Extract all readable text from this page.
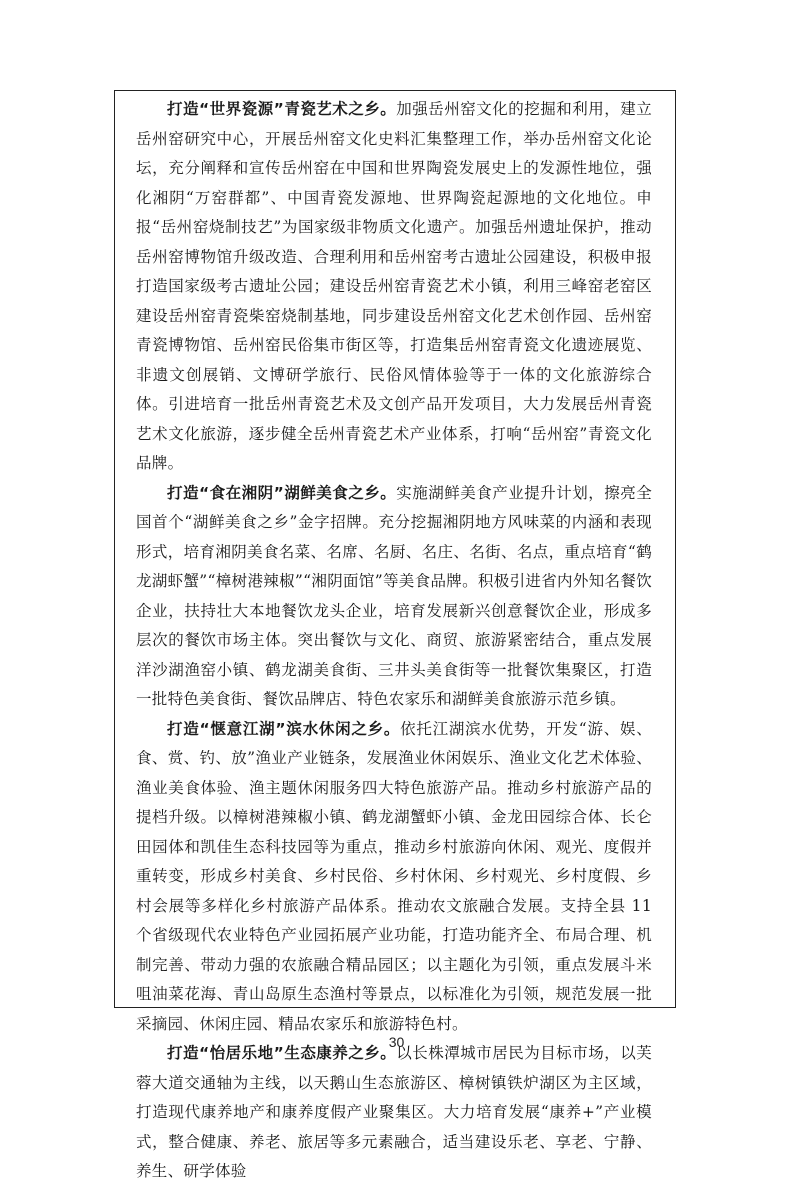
打造“世界瓷源”青瓷艺术之乡。加强岳州窑文化的挖掘和利用，建立岳州窑研究中心，开展岳州窑文化史料汇集整理工作，举办岳州窑文化论坛，充分阐释和宣传岳州窑在中国和世界陶瓷发展史上的发源性地位，强化湘阴“万窑群都”、中国青瓷发源地、世界陶瓷起源地的文化地位。申报“岳州窑烧制技艺”为国家级非物质文化遗产。加强岳州遗址保护，推动岳州窑博物馆升级改造、合理利用和岳州窑考古遗址公园建设，积极申报打造国家级考古遗址公园；建设岳州窑青瓷艺术小镇，利用三峰窑老窑区建设岳州窑青瓷柴窑烧制基地，同步建设岳州窑文化艺术创作园、岳州窑青瓷博物馆、岳州窑民俗集市街区等，打造集岳州窑青瓷文化遗迹展览、非遗文创展销、文博研学旅行、民俗风情体验等于一体的文化旅游综合体。引进培育一批岳州青瓷艺术及文创产品开发项目，大力发展岳州青瓷艺术文化旅游，逐步健全岳州青瓷艺术产业体系，打响“岳州窑”青瓷文化品牌。

打造“食在湘阴”湖鲜美食之乡。实施湖鲜美食产业提升计划，擦亮全国首个“湖鲜美食之乡”金字招牌。充分挖掘湘阴地方风味菜的内涵和表现形式，培育湘阴美食名菜、名席、名厨、名庄、名街、名点，重点培育“鹤龙湖虾蟹”“樟树港辣椒”“湘阴面馆”等美食品牌。积极引进省内外知名餐饮企业，扶持壮大本地餐饮龙头企业，培育发展新兴创意餐饮企业，形成多层次的餐饮市场主体。突出餐饮与文化、商贸、旅游紧密结合，重点发展洋沙湖渔窑小镇、鹤龙湖美食街、三井头美食街等一批餐饮集聚区，打造一批特色美食街、餐饮品牌店、特色农家乐和湖鲜美食旅游示范乡镇。

打造“惬意江湖”滨水休闲之乡。依托江湖滨水优势，开发“游、娱、食、赏、钓、放”渔业产业链条，发展渔业休闲娱乐、渔业文化艺术体验、渔业美食体验、渔主题休闲服务四大特色旅游产品。推动乡村旅游产品的提档升级。以樟树港辣椒小镇、鹤龙湖蟹虾小镇、金龙田园综合体、长仑田园体和凯佳生态科技园等为重点，推动乡村旅游向休闲、观光、度假并重转变，形成乡村美食、乡村民俗、乡村休闲、乡村观光、乡村度假、乡村会展等多样化乡村旅游产品体系。推动农文旅融合发展。支持全县 11 个省级现代农业特色产业园拓展产业功能，打造功能齐全、布局合理、机制完善、带动力强的农旅融合精品园区；以主题化为引领，重点发展斗米咀油菜花海、青山岛原生态渔村等景点，以标准化为引领，规范发展一批采摘园、休闲庄园、精品农家乐和旅游特色村。

打造“怡居乐地”生态康养之乡。以长株潭城市居民为目标市场，以芙蓉大道交通轴为主线，以天鹅山生态旅游区、樟树镇铁炉湖区为主区域，打造现代康养地产和康养度假产业聚集区。大力培育发展“康养+”产业模式，整合健康、养老、旅居等多元素融合，适当建设乐老、享老、宁静、养生、研学体验

30
